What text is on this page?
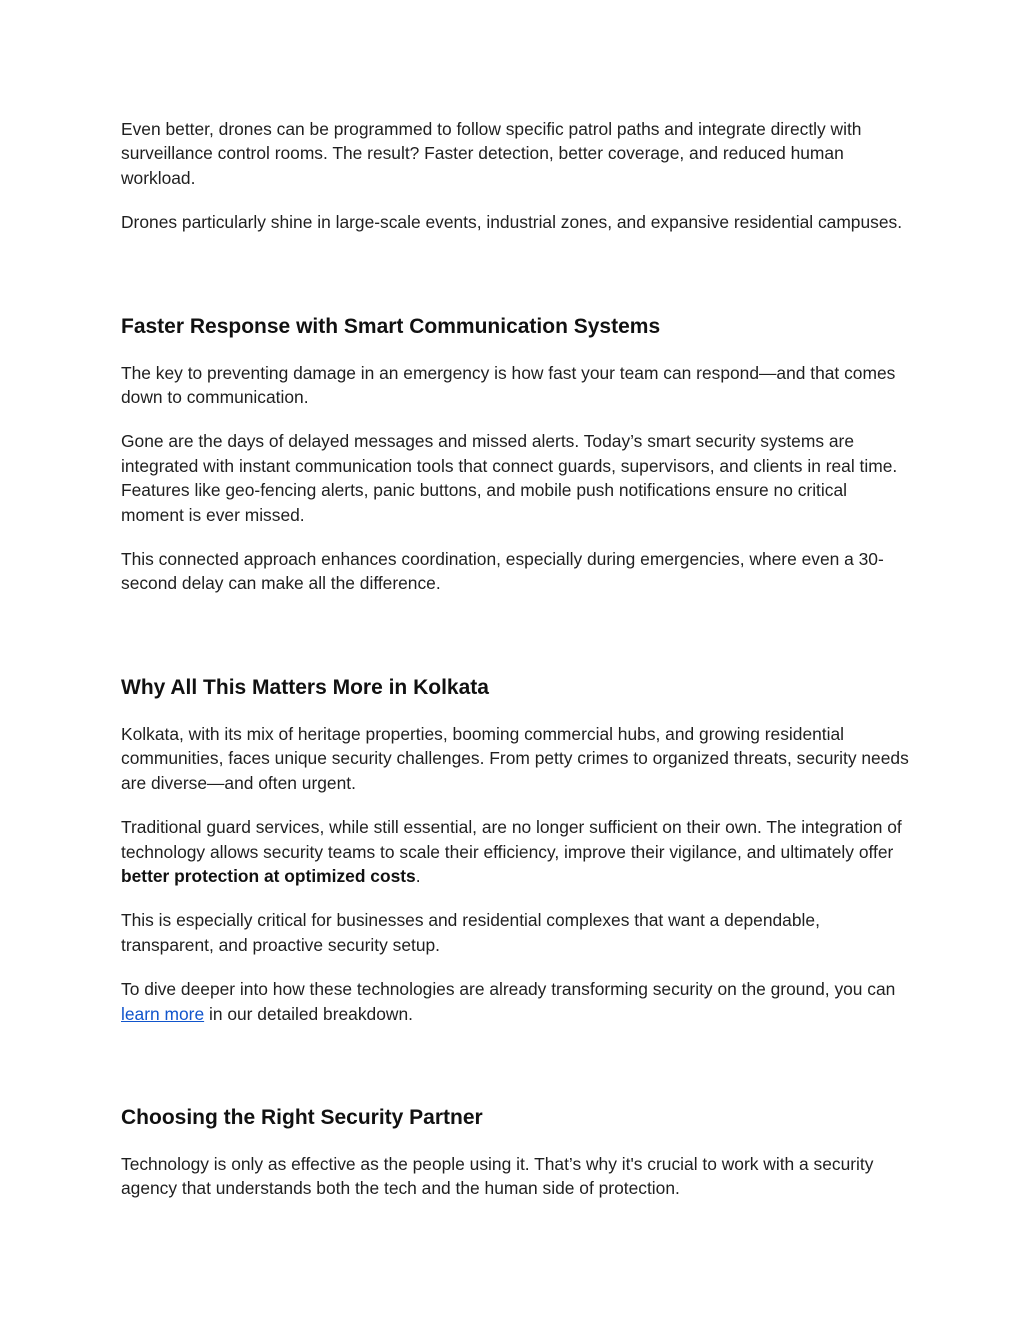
Even better, drones can be programmed to follow specific patrol paths and integrate directly with surveillance control rooms. The result? Faster detection, better coverage, and reduced human workload.

Drones particularly shine in large-scale events, industrial zones, and expansive residential campuses.

Faster Response with Smart Communication Systems

The key to preventing damage in an emergency is how fast your team can respond—and that comes down to communication.

Gone are the days of delayed messages and missed alerts. Today’s smart security systems are integrated with instant communication tools that connect guards, supervisors, and clients in real time. Features like geo-fencing alerts, panic buttons, and mobile push notifications ensure no critical moment is ever missed.

This connected approach enhances coordination, especially during emergencies, where even a 30-second delay can make all the difference.

Why All This Matters More in Kolkata

Kolkata, with its mix of heritage properties, booming commercial hubs, and growing residential communities, faces unique security challenges. From petty crimes to organized threats, security needs are diverse—and often urgent.

Traditional guard services, while still essential, are no longer sufficient on their own. The integration of technology allows security teams to scale their efficiency, improve their vigilance, and ultimately offer better protection at optimized costs.

This is especially critical for businesses and residential complexes that want a dependable, transparent, and proactive security setup.

To dive deeper into how these technologies are already transforming security on the ground, you can learn more in our detailed breakdown.

Choosing the Right Security Partner

Technology is only as effective as the people using it. That’s why it's crucial to work with a security agency that understands both the tech and the human side of protection.
